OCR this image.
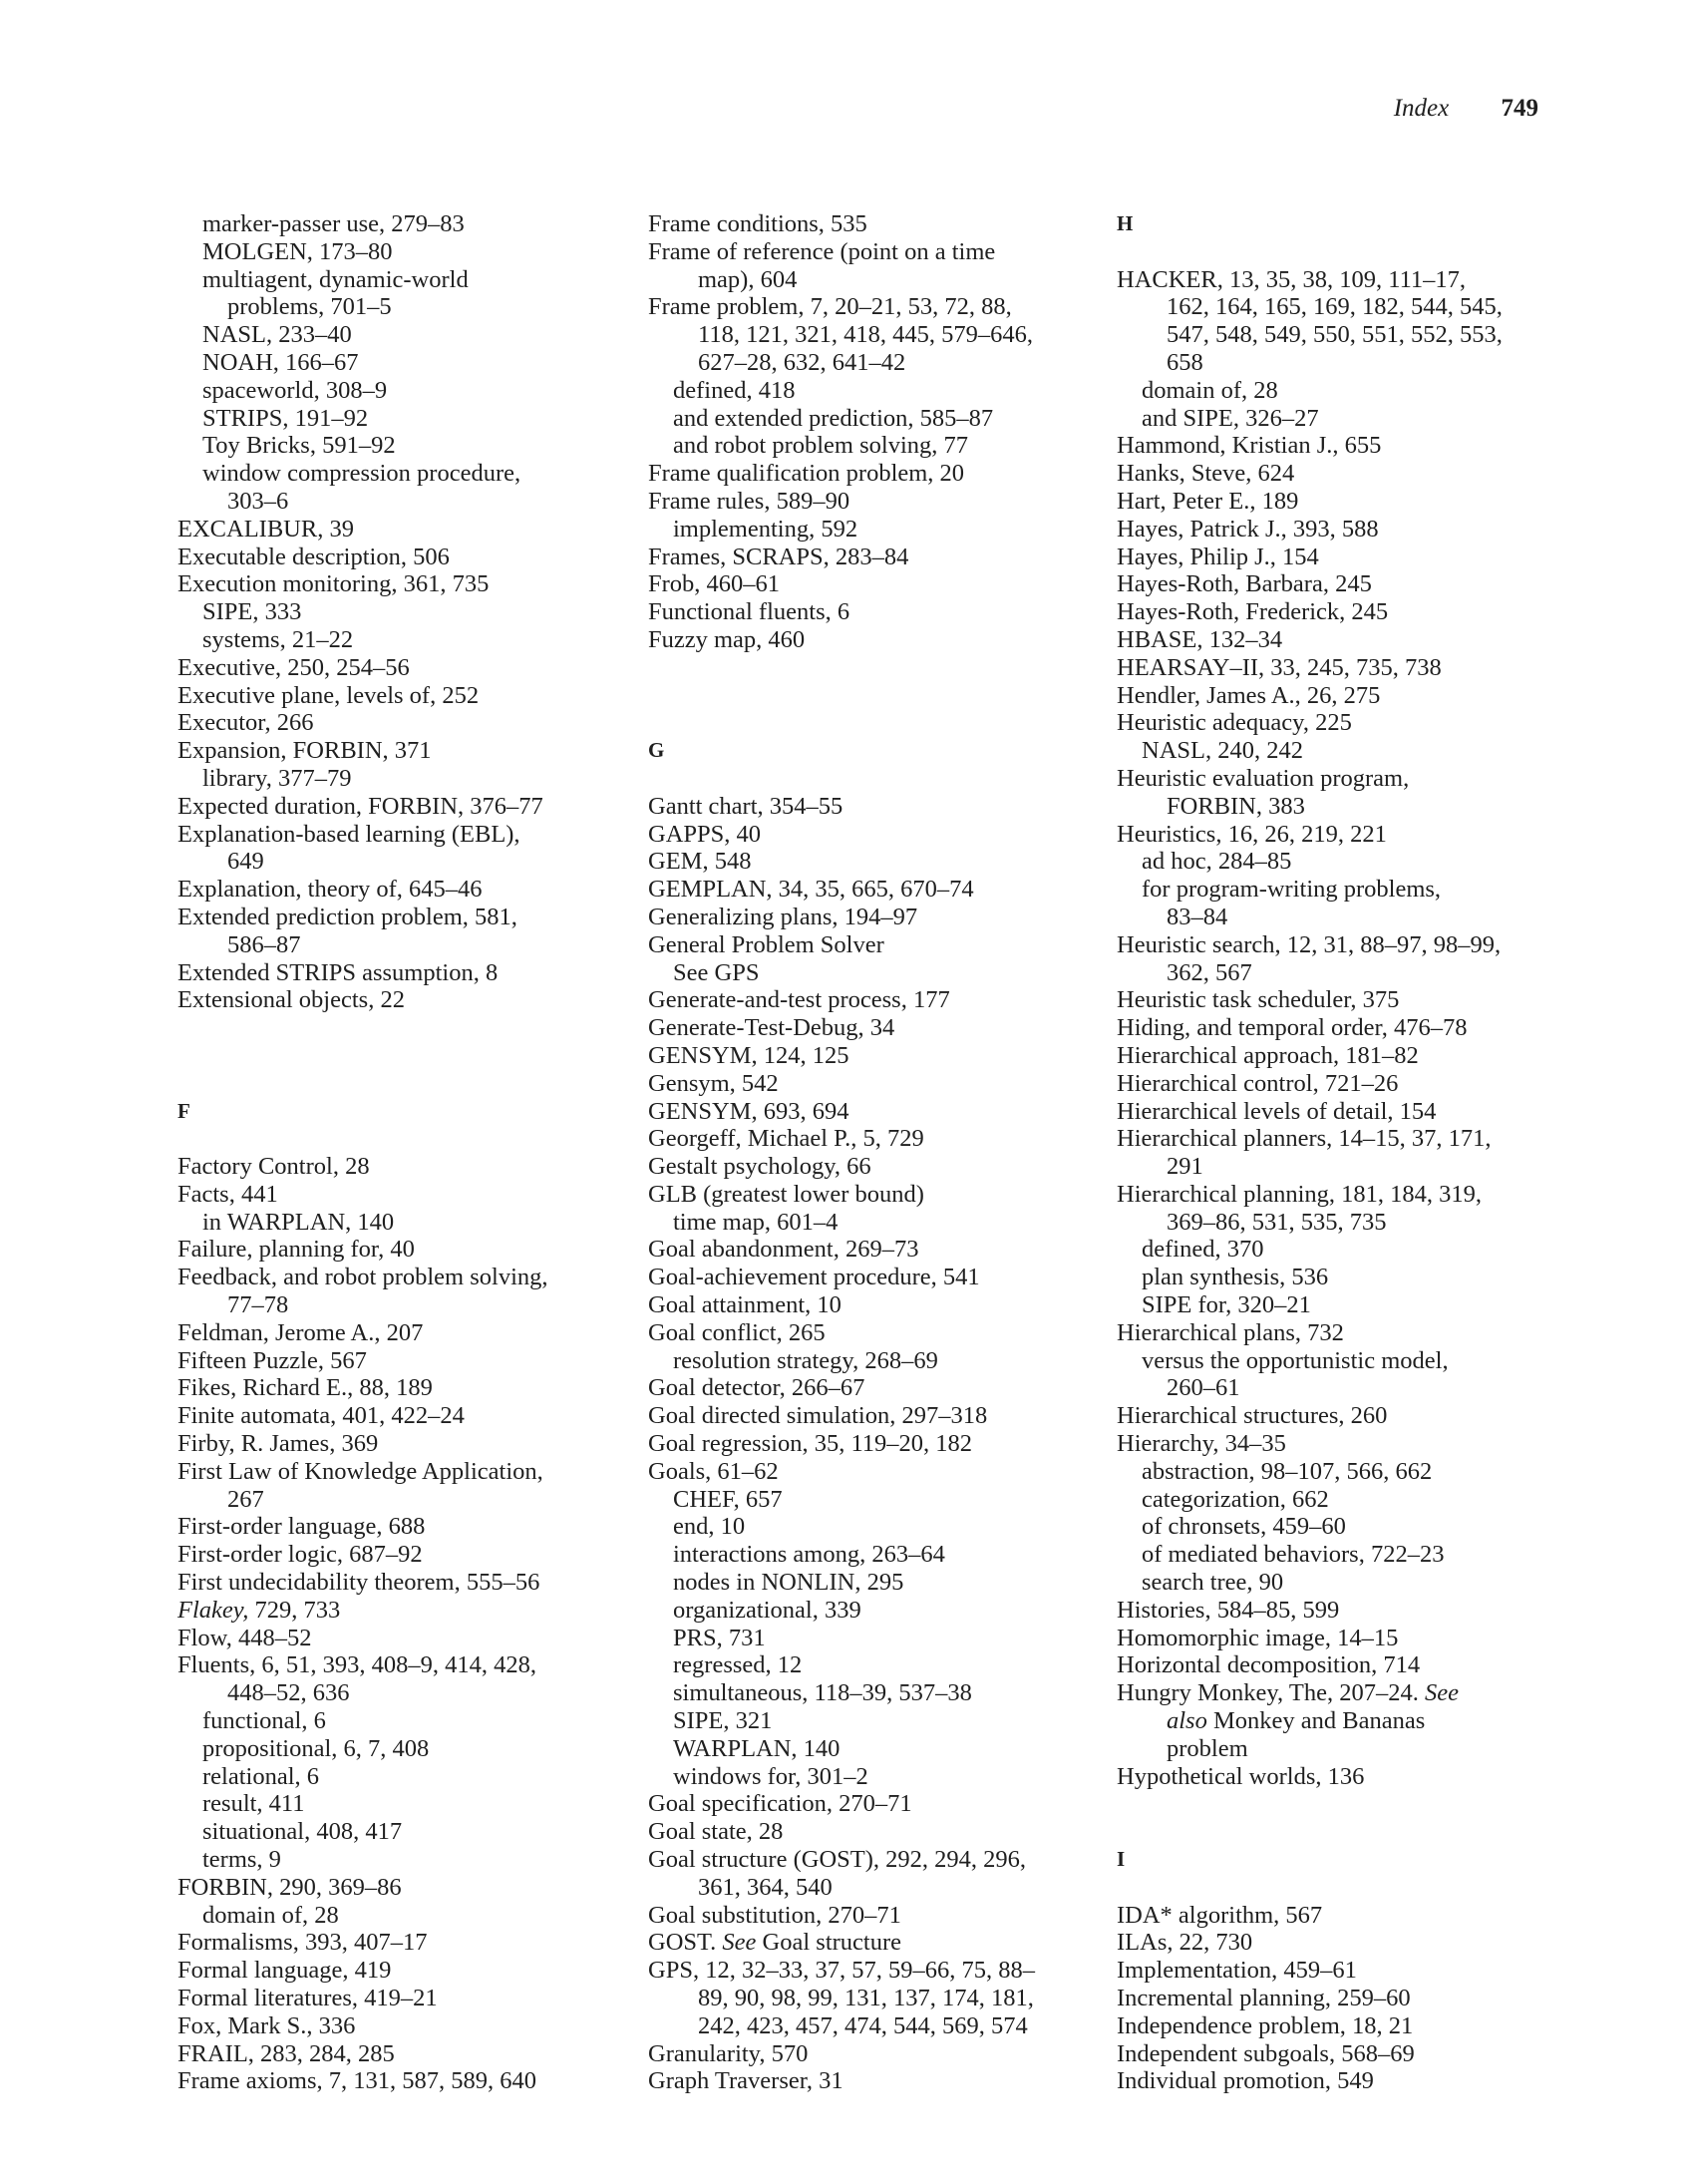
Index 749
marker-passer use, 279–83
MOLGEN, 173–80
multiagent, dynamic-world
problems, 701–5
NASL, 233–40
NOAH, 166–67
spaceworld, 308–9
STRIPS, 191–92
Toy Bricks, 591–92
window compression procedure,
303–6
EXCALIBUR, 39
Executable description, 506
Execution monitoring, 361, 735
SIPE, 333
systems, 21–22
Executive, 250, 254–56
Executive plane, levels of, 252
Executor, 266
Expansion, FORBIN, 371
library, 377–79
Expected duration, FORBIN, 376–77
Explanation-based learning (EBL),
649
Explanation, theory of, 645–46
Extended prediction problem, 581,
586–87
Extended STRIPS assumption, 8
Extensional objects, 22
F
Factory Control, 28
Facts, 441
in WARPLAN, 140
Failure, planning for, 40
Feedback, and robot problem solving,
77–78
Feldman, Jerome A., 207
Fifteen Puzzle, 567
Fikes, Richard E., 88, 189
Finite automata, 401, 422–24
Firby, R. James, 369
First Law of Knowledge Application,
267
First-order language, 688
First-order logic, 687–92
First undecidability theorem, 555–56
Flakey, 729, 733
Flow, 448–52
Fluents, 6, 51, 393, 408–9, 414, 428,
448–52, 636
functional, 6
propositional, 6, 7, 408
relational, 6
result, 411
situational, 408, 417
terms, 9
FORBIN, 290, 369–86
domain of, 28
Formalisms, 393, 407–17
Formal language, 419
Formal literatures, 419–21
Fox, Mark S., 336
FRAIL, 283, 284, 285
Frame axioms, 7, 131, 587, 589, 640
Frame conditions, 535
Frame of reference (point on a time
map), 604
Frame problem, 7, 20–21, 53, 72, 88,
118, 121, 321, 418, 445, 579–646,
627–28, 632, 641–42
defined, 418
and extended prediction, 585–87
and robot problem solving, 77
Frame qualification problem, 20
Frame rules, 589–90
implementing, 592
Frames, SCRAPS, 283–84
Frob, 460–61
Functional fluents, 6
Fuzzy map, 460
G
Gantt chart, 354–55
GAPPS, 40
GEM, 548
GEMPLAN, 34, 35, 665, 670–74
Generalizing plans, 194–97
General Problem Solver
See GPS
Generate-and-test process, 177
Generate-Test-Debug, 34
GENSYM, 124, 125
Gensym, 542
GENSYM, 693, 694
Georgeff, Michael P., 5, 729
Gestalt psychology, 66
GLB (greatest lower bound)
time map, 601–4
Goal abandonment, 269–73
Goal-achievement procedure, 541
Goal attainment, 10
Goal conflict, 265
resolution strategy, 268–69
Goal detector, 266–67
Goal directed simulation, 297–318
Goal regression, 35, 119–20, 182
Goals, 61–62
CHEF, 657
end, 10
interactions among, 263–64
nodes in NONLIN, 295
organizational, 339
PRS, 731
regressed, 12
simultaneous, 118–39, 537–38
SIPE, 321
WARPLAN, 140
windows for, 301–2
Goal specification, 270–71
Goal state, 28
Goal structure (GOST), 292, 294, 296,
361, 364, 540
Goal substitution, 270–71
GOST. See Goal structure
GPS, 12, 32–33, 37, 57, 59–66, 75, 88–
89, 90, 98, 99, 131, 137, 174, 181,
242, 423, 457, 474, 544, 569, 574
Granularity, 570
Graph Traverser, 31
H
HACKER, 13, 35, 38, 109, 111–17,
162, 164, 165, 169, 182, 544, 545,
547, 548, 549, 550, 551, 552, 553,
658
domain of, 28
and SIPE, 326–27
Hammond, Kristian J., 655
Hanks, Steve, 624
Hart, Peter E., 189
Hayes, Patrick J., 393, 588
Hayes, Philip J., 154
Hayes-Roth, Barbara, 245
Hayes-Roth, Frederick, 245
HBASE, 132–34
HEARSAY–II, 33, 245, 735, 738
Hendler, James A., 26, 275
Heuristic adequacy, 225
NASL, 240, 242
Heuristic evaluation program,
FORBIN, 383
Heuristics, 16, 26, 219, 221
ad hoc, 284–85
for program-writing problems,
83–84
Heuristic search, 12, 31, 88–97, 98–99,
362, 567
Heuristic task scheduler, 375
Hiding, and temporal order, 476–78
Hierarchical approach, 181–82
Hierarchical control, 721–26
Hierarchical levels of detail, 154
Hierarchical planners, 14–15, 37, 171,
291
Hierarchical planning, 181, 184, 319,
369–86, 531, 535, 735
defined, 370
plan synthesis, 536
SIPE for, 320–21
Hierarchical plans, 732
versus the opportunistic model,
260–61
Hierarchical structures, 260
Hierarchy, 34–35
abstraction, 98–107, 566, 662
categorization, 662
of chronsets, 459–60
of mediated behaviors, 722–23
search tree, 90
Histories, 584–85, 599
Homomorphic image, 14–15
Horizontal decomposition, 714
Hungry Monkey, The, 207–24. See
also Monkey and Bananas
problem
Hypothetical worlds, 136
I
IDA* algorithm, 567
ILAs, 22, 730
Implementation, 459–61
Incremental planning, 259–60
Independence problem, 18, 21
Independent subgoals, 568–69
Individual promotion, 549
